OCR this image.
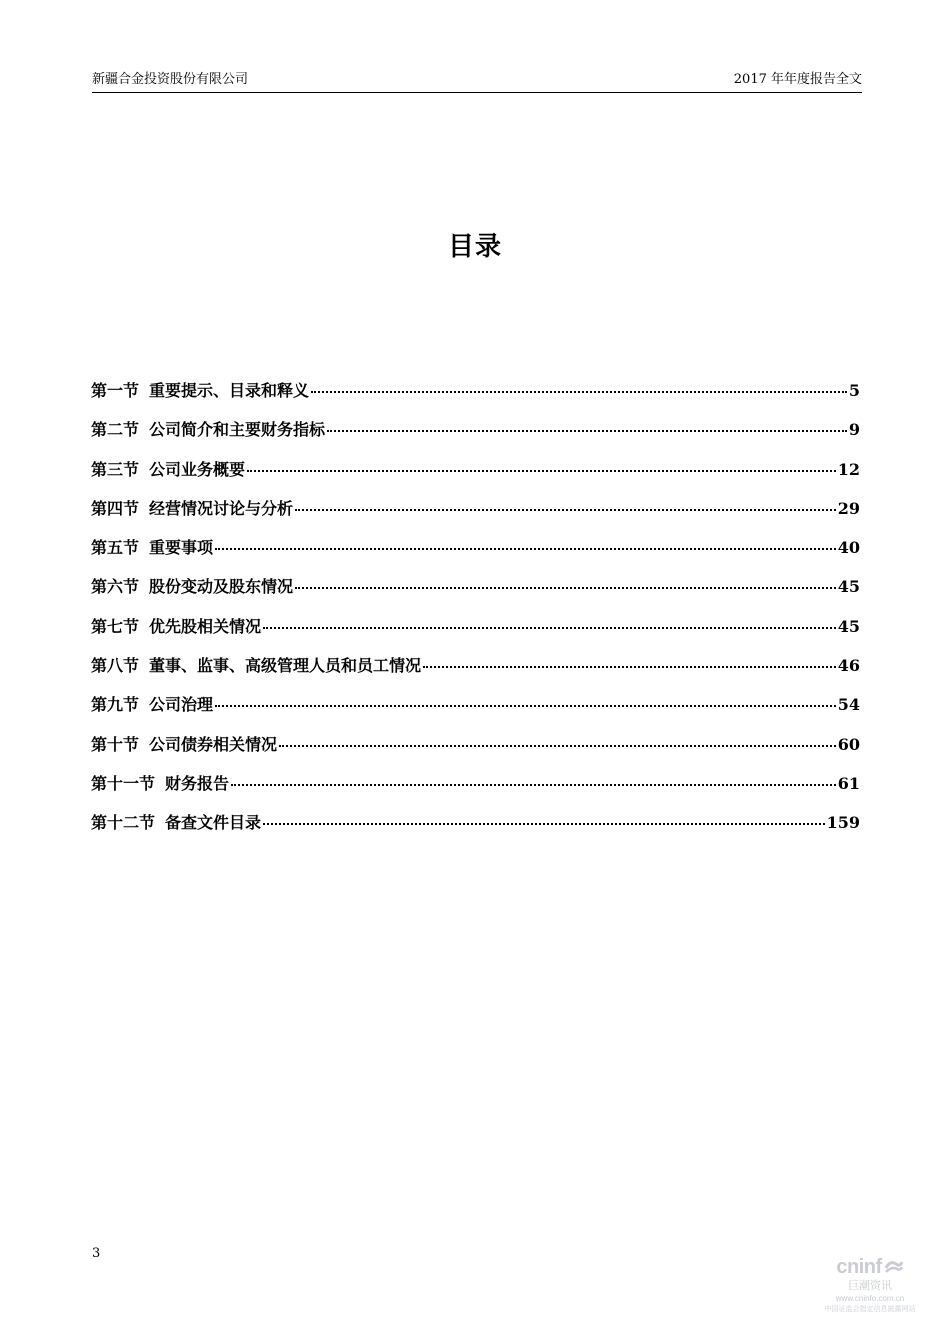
新疆合金投资股份有限公司	2017 年年度报告全文
目录
第一节 重要提示、目录和释义	5
第二节 公司简介和主要财务指标	9
第三节 公司业务概要	12
第四节 经营情况讨论与分析	29
第五节 重要事项	40
第六节 股份变动及股东情况	45
第七节 优先股相关情况	45
第八节 董事、监事、高级管理人员和员工情况	46
第九节 公司治理	54
第十节 公司债券相关情况	60
第十一节 财务报告	61
第十二节 备查文件目录	159
3
cninf
巨潮资讯
www.cninfo.com.cn
中国证监会指定信息披露网站
